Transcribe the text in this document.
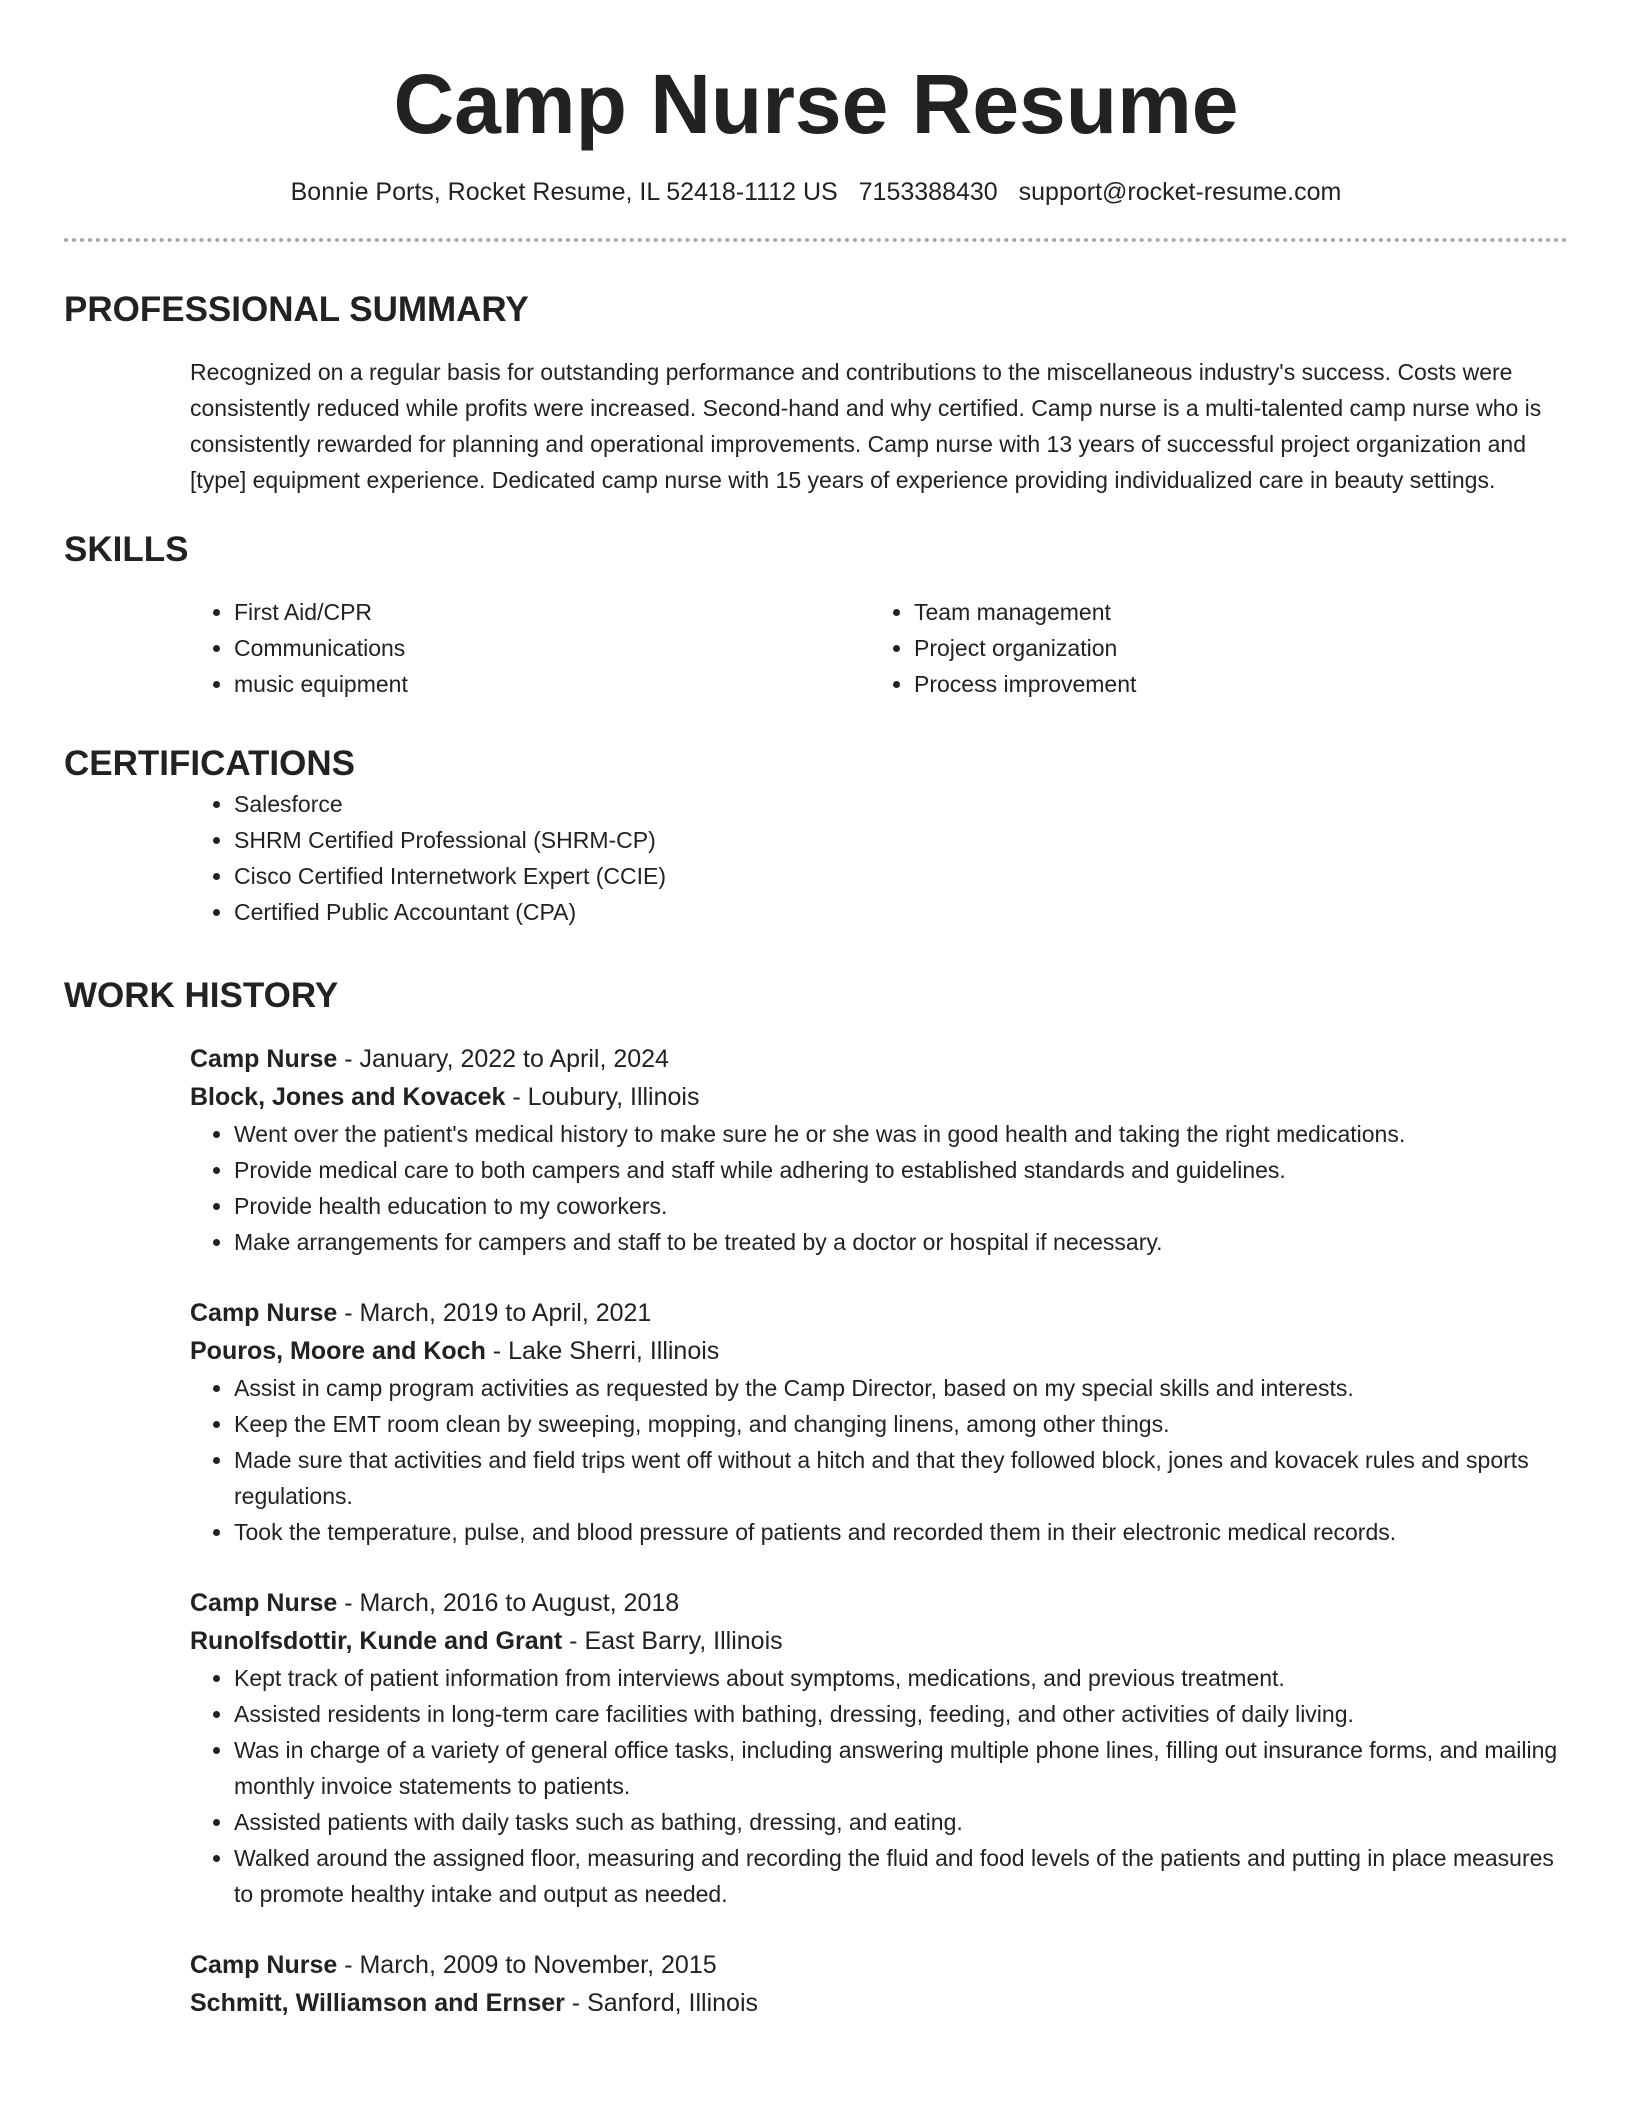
Camp Nurse Resume
Bonnie Ports, Rocket Resume, IL 52418-1112 US 7153388430 support@rocket-resume.com
PROFESSIONAL SUMMARY

Recognized on a regular basis for outstanding performance and contributions to the miscellaneous industry's success. Costs were consistently reduced while profits were increased. Second-hand and why certified. Camp nurse is a multi-talented camp nurse who is consistently rewarded for planning and operational improvements. Camp nurse with 13 years of successful project organization and [type] equipment experience. Dedicated camp nurse with 15 years of experience providing individualized care in beauty settings.

SKILLS
• First Aid/CPR
• Communications
• music equipment
• Team management
• Project organization
• Process improvement
CERTIFICATIONS
• Salesforce
• SHRM Certified Professional (SHRM-CP)
• Cisco Certified Internetwork Expert (CCIE)
• Certified Public Accountant (CPA)
WORK HISTORY
Camp Nurse - January, 2022 to April, 2024
Block, Jones and Kovacek - Loubury, Illinois
• Went over the patient's medical history to make sure he or she was in good health and taking the right medications.
• Provide medical care to both campers and staff while adhering to established standards and guidelines.
• Provide health education to my coworkers.
• Make arrangements for campers and staff to be treated by a doctor or hospital if necessary.
Camp Nurse - March, 2019 to April, 2021
Pouros, Moore and Koch - Lake Sherri, Illinois
• Assist in camp program activities as requested by the Camp Director, based on my special skills and interests.
• Keep the EMT room clean by sweeping, mopping, and changing linens, among other things.
• Made sure that activities and field trips went off without a hitch and that they followed block, jones and kovacek rules and sports regulations.
• Took the temperature, pulse, and blood pressure of patients and recorded them in their electronic medical records.
Camp Nurse - March, 2016 to August, 2018
Runolfsdottir, Kunde and Grant - East Barry, Illinois
• Kept track of patient information from interviews about symptoms, medications, and previous treatment.
• Assisted residents in long-term care facilities with bathing, dressing, feeding, and other activities of daily living.
• Was in charge of a variety of general office tasks, including answering multiple phone lines, filling out insurance forms, and mailing monthly invoice statements to patients.
• Assisted patients with daily tasks such as bathing, dressing, and eating.
• Walked around the assigned floor, measuring and recording the fluid and food levels of the patients and putting in place measures to promote healthy intake and output as needed.
Camp Nurse - March, 2009 to November, 2015
Schmitt, Williamson and Ernser - Sanford, Illinois
